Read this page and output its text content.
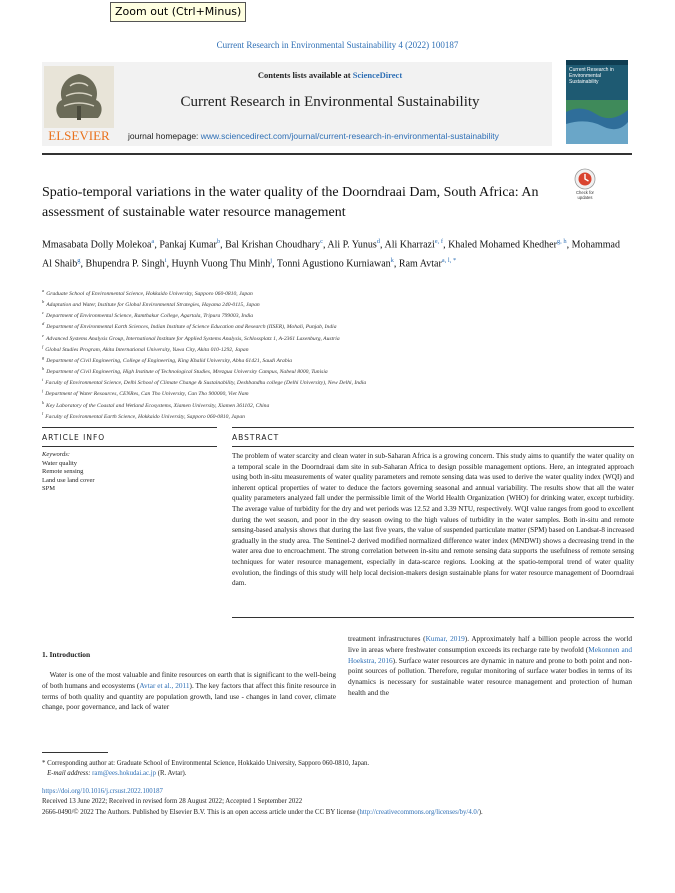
Zoom out (Ctrl+Minus)
Current Research in Environmental Sustainability 4 (2022) 100187
ELSEVIER
Contents lists available at ScienceDirect
Current Research in Environmental Sustainability
journal homepage: www.sciencedirect.com/journal/current-research-in-environmental-sustainability
Current Research in Environmental Sustainability
Spatio-temporal variations in the water quality of the Doorndraai Dam, South Africa: An assessment of sustainable water resource management
Check for
updates
Mmasabata Dolly Molekoa$^a$, Pankaj Kumar$^b$, Bal Krishan Choudhary$^c$, Ali P. Yunus$^d$, Ali Kharrazi$^{e, f}$, Khaled Mohamed Khedher$^{g, h}$, Mohammad Al Shaib$^g$, Bhupendra P. Singh$^i$, Huynh Vuong Thu Minh$^j$, Tonni Agustiono Kurniawan$^k$, Ram Avtar$^{a, l, *}$
$^a$Graduate School of Environmental Science, Hokkaido University, Sapporo 060-0810, Japan
$^b$Adaptation and Water, Institute for Global Environmental Strategies, Hayama 240-0115, Japan
$^c$Department of Environmental Science, Ramthakur College, Agartala, Tripura 799003, India
$^d$Department of Environmental Earth Sciences, Indian Institute of Science Education and Research (IISER), Mohali, Punjab, India
$^e$Advanced Systems Analysis Group, International Institute for Applied Systems Analysis, Schlossplatz 1, A-2361 Laxenburg, Austria
$^f$Global Studies Program, Akita International University, Yuwa City, Akita 010-1292, Japan
$^g$Department of Civil Engineering, College of Engineering, King Khalid University, Abha 61421, Saudi Arabia
$^h$Department of Civil Engineering, High Institute of Technological Studies, Mrezgua University Campus, Nabeul 8000, Tunisia
$^i$Faculty of Environmental Science, Delhi School of Climate Change & Sustainability, Deshbandhu college (Delhi University), New Delhi, India
$^j$Department of Water Resources, CENRes, Can Tho University, Can Tho 900000, Viet Nam
$^k$Key Laboratory of the Coastal and Wetland Ecosystems, Xiamen University, Xiamen 361102, China
$^l$Faculty of Environmental Earth Science, Hokkaido University, Sapporo 060-0810, Japan
ARTICLE INFO	ABSTRACT
Keywords:
Water quality
Remote sensing
Land use land cover
SPM
The problem of water scarcity and clean water in sub-Saharan Africa is a growing concern. This study aims to quantify the water quality on a temporal scale in the Doorndraai dam site in sub-Saharan Africa to design possible management options. Here, an integrated approach using both in-situ measurements of water quality parameters and remote sensing data was used to derive the water quality index (WQI) and inherent optical properties of water to deduce the factors governing seasonal and annual variability. The results show that all the water quality parameters analyzed fall under the permissible limit of the World Health Organization (WHO) for drinking water, except turbidity. The average value of turbidity for the dry and wet periods was 12.52 and 3.39 NTU, respectively. WQI value ranges from good to excellent during the wet season, and poor in the dry season owing to the high values of turbidity in the water samples. Both in-situ and remote sensing-based analysis shows that during the last five years, the value of suspended particulate matter (SPM) based on Landsat-8 increased gradually in the study area. The Sentinel-2 derived modified normalized difference water index (MNDWI) shows a decreasing trend in the water area due to encroachment. The strong correlation between in-situ and remote sensing data supports the usefulness of remote sensing techniques for water resource management, especially in data-scarce regions. Looking at the spatio-temporal trend of water quality evolution, the findings of this study will help local decision-makers design sustainable plans for water resource management of Doorndraai dam.
1. Introduction
Water is one of the most valuable and finite resources on earth that is significant to the well-being of both humans and ecosystems (Avtar et al., 2011). The key factors that affect this finite resource in terms of both quality and quantity are population growth, land use - changes in land cover, climate change, poor governance, and lack of water
treatment infrastructures (Kumar, 2019). Approximately half a billion people across the world live in areas where freshwater consumption exceeds its recharge rate by twofold (Mekonnen and Hoekstra, 2016). Surface water resources are dynamic in nature and prone to both point and non-point sources of pollution. Therefore, regular monitoring of surface water bodies in terms of its dynamics is necessary for sustainable water resource management and protection of human health and the
* Corresponding author at: Graduate School of Environmental Science, Hokkaido University, Sapporo 060-0810, Japan.
E-mail address: ram@ees.hokudai.ac.jp (R. Avtar).
https://doi.org/10.1016/j.crsust.2022.100187
Received 13 June 2022; Received in revised form 28 August 2022; Accepted 1 September 2022
2666-0490/© 2022 The Authors. Published by Elsevier B.V. This is an open access article under the CC BY license (http://creativecommons.org/licenses/by/4.0/).
